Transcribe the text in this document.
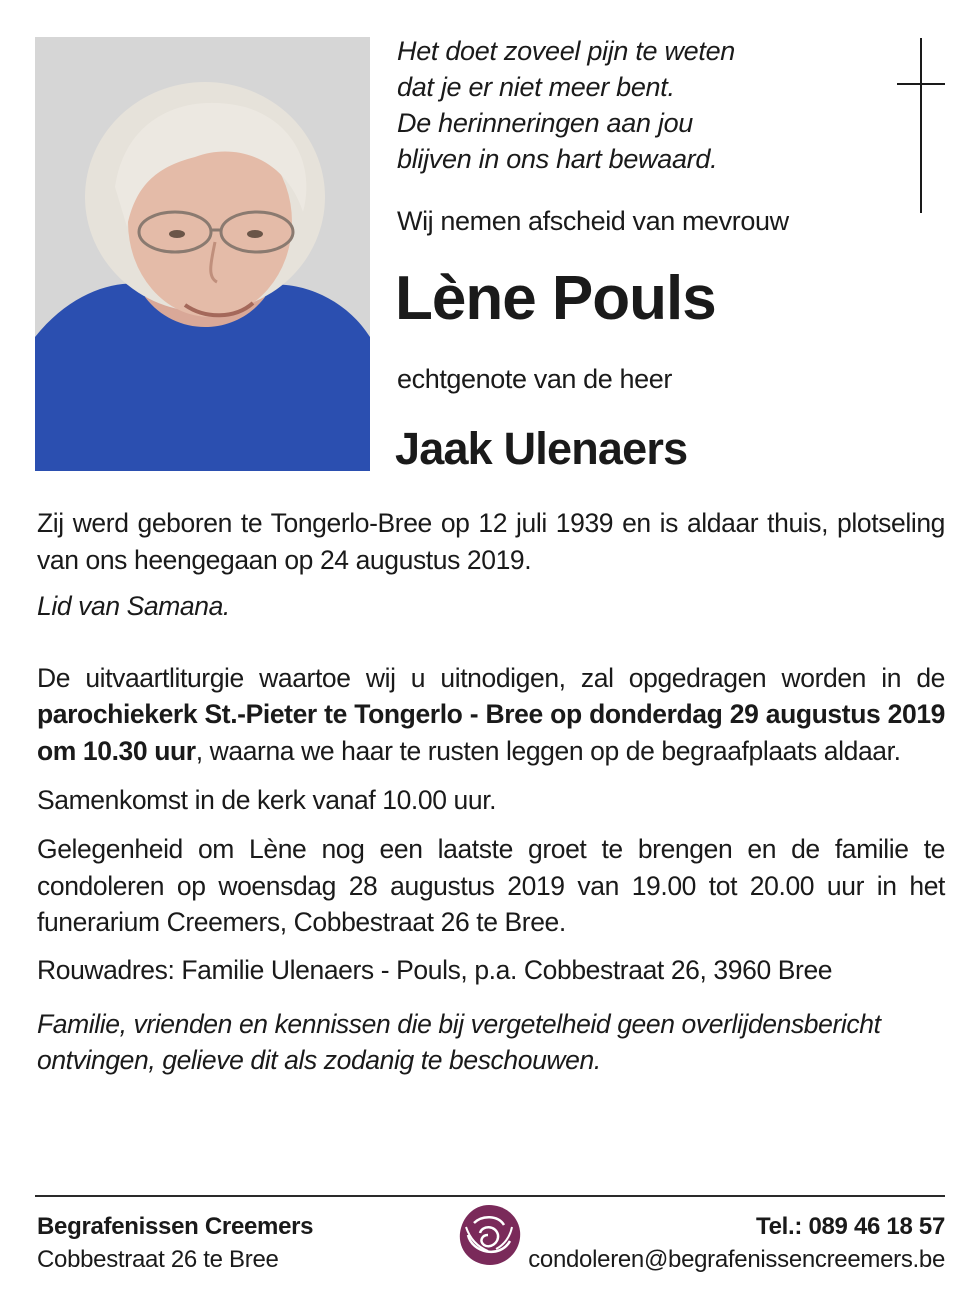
Het doet zoveel pijn te weten
dat je er niet meer bent.
De herinneringen aan jou
blijven in ons hart bewaard.
Wij nemen afscheid van mevrouw
Lène Pouls
echtgenote van de heer
Jaak Ulenaers

Zij werd geboren te Tongerlo-Bree op 12 juli 1939 en is aldaar thuis, plotseling van ons heengegaan op 24 augustus 2019.

Lid van Samana.

De uitvaartliturgie waartoe wij u uitnodigen, zal opgedragen worden in de parochiekerk St.-Pieter te Tongerlo - Bree op donderdag 29 augustus 2019 om 10.30 uur, waarna we haar te rusten leggen op de begraafplaats aldaar.

Samenkomst in de kerk vanaf 10.00 uur.

Gelegenheid om Lène nog een laatste groet te brengen en de familie te condoleren op woensdag 28 augustus 2019 van 19.00 tot 20.00 uur in het funerarium Creemers, Cobbestraat 26 te Bree.

Rouwadres: Familie Ulenaers - Pouls, p.a. Cobbestraat 26, 3960 Bree

Familie, vrienden en kennissen die bij vergetelheid geen overlijdensbericht ontvingen, gelieve dit als zodanig te beschouwen.

Begrafenissen Creemers
Cobbestraat 26 te Bree
Tel.: 089 46 18 57
condoleren@begrafenissencreemers.be
